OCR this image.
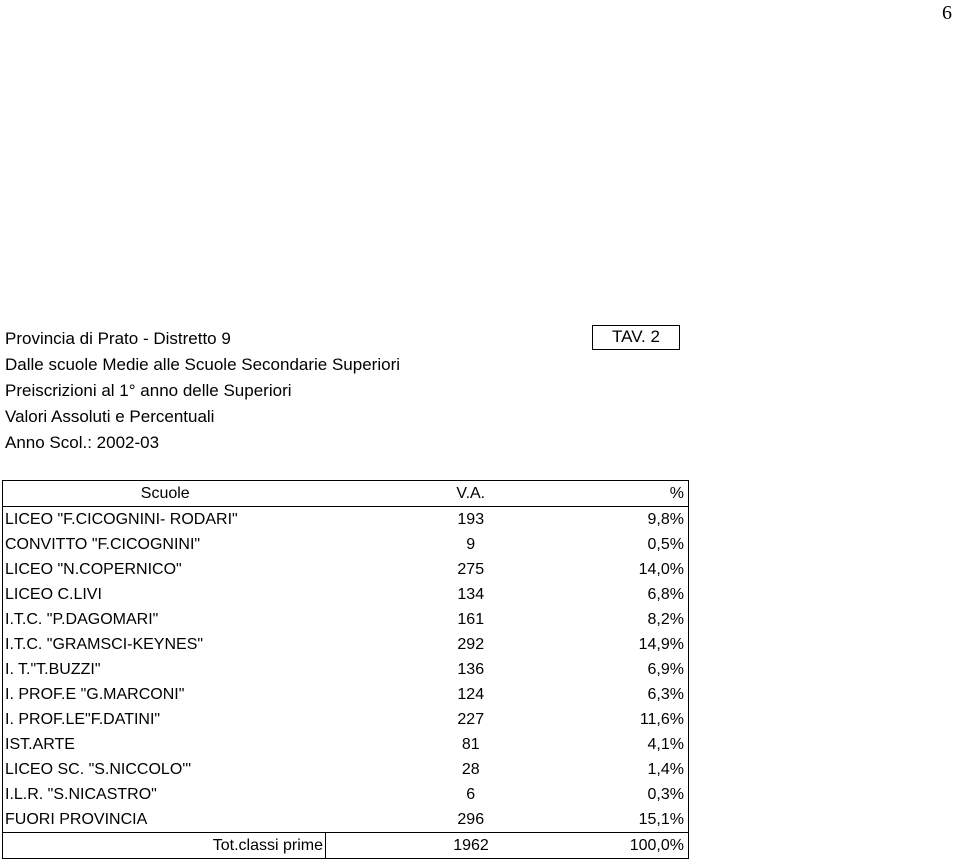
6
Provincia di Prato - Distretto 9
Dalle scuole Medie alle Scuole Secondarie Superiori
Preiscrizioni al 1° anno delle Superiori
Valori Assoluti e Percentuali
Anno Scol.: 2002-03
TAV. 2
Scuole	V.A.	%
LICEO "F.CICOGNINI- RODARI"	193	9,8%
CONVITTO "F.CICOGNINI"	9	0,5%
LICEO "N.COPERNICO"	275	14,0%
LICEO C.LIVI	134	6,8%
I.T.C. "P.DAGOMARI"	161	8,2%
I.T.C. "GRAMSCI-KEYNES"	292	14,9%
I. T."T.BUZZI"	136	6,9%
I. PROF.E "G.MARCONI"	124	6,3%
I. PROF.LE"F.DATINI"	227	11,6%
IST.ARTE	81	4,1%
LICEO SC. "S.NICCOLO'"	28	1,4%
I.L.R. "S.NICASTRO"	6	0,3%
FUORI PROVINCIA	296	15,1%
Tot.classi prime	1962	100,0%
